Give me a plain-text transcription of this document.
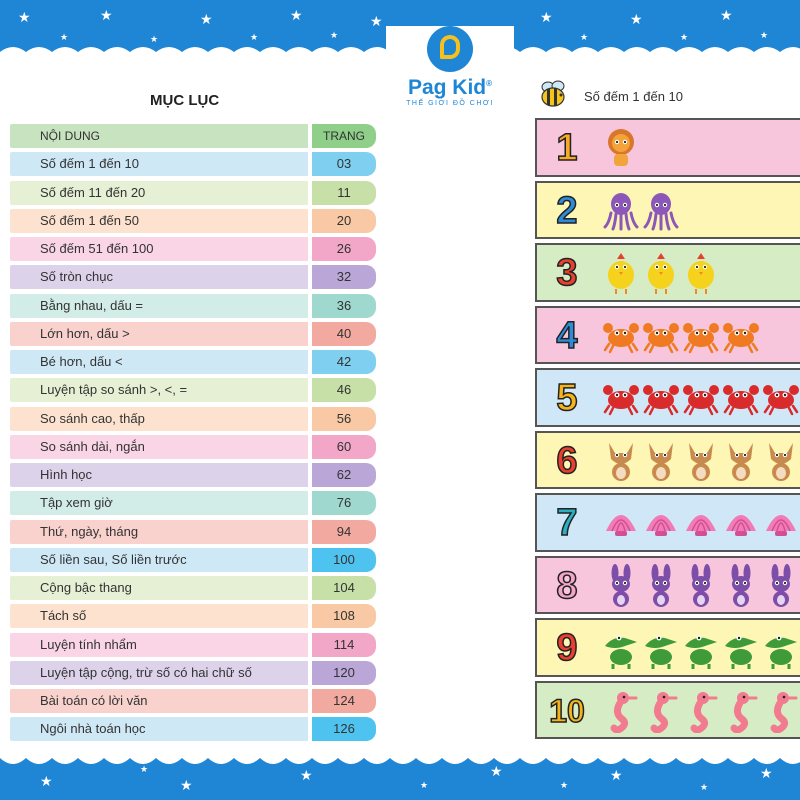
★
★
★
★
★
★
★
★
★	★
★
★
★
★
★
★
★
★
★
★
★
★
★
★
★
Pag Kid®
THẾ GIỚI ĐỒ CHƠI
MỤC LỤC
NỘI DUNG	TRANG
Số đếm 1 đến 10	03
Số đếm 11 đến 20	11
Số đếm 1 đến 50	20
Số đếm 51 đến 100	26
Số tròn chục	32
Bằng nhau, dấu =	36
Lớn hơn, dấu >	40
Bé hơn, dấu <	42
Luyện tập so sánh >, <, =	46
So sánh cao, thấp	56
So sánh dài, ngắn	60
Hình học	62
Tập xem giờ	76
Thứ, ngày, tháng	94
Số liền sau, Số liền trước	100
Cộng bậc thang	104
Tách số	108
Luyện tính nhẩm	114
Luyện tập cộng, trừ số có hai chữ số	120
Bài toán có lời văn	124
Ngôi nhà toán học	126
Số đếm 1 đến 10
1
2
3
4
5
6
7
8
9
10
